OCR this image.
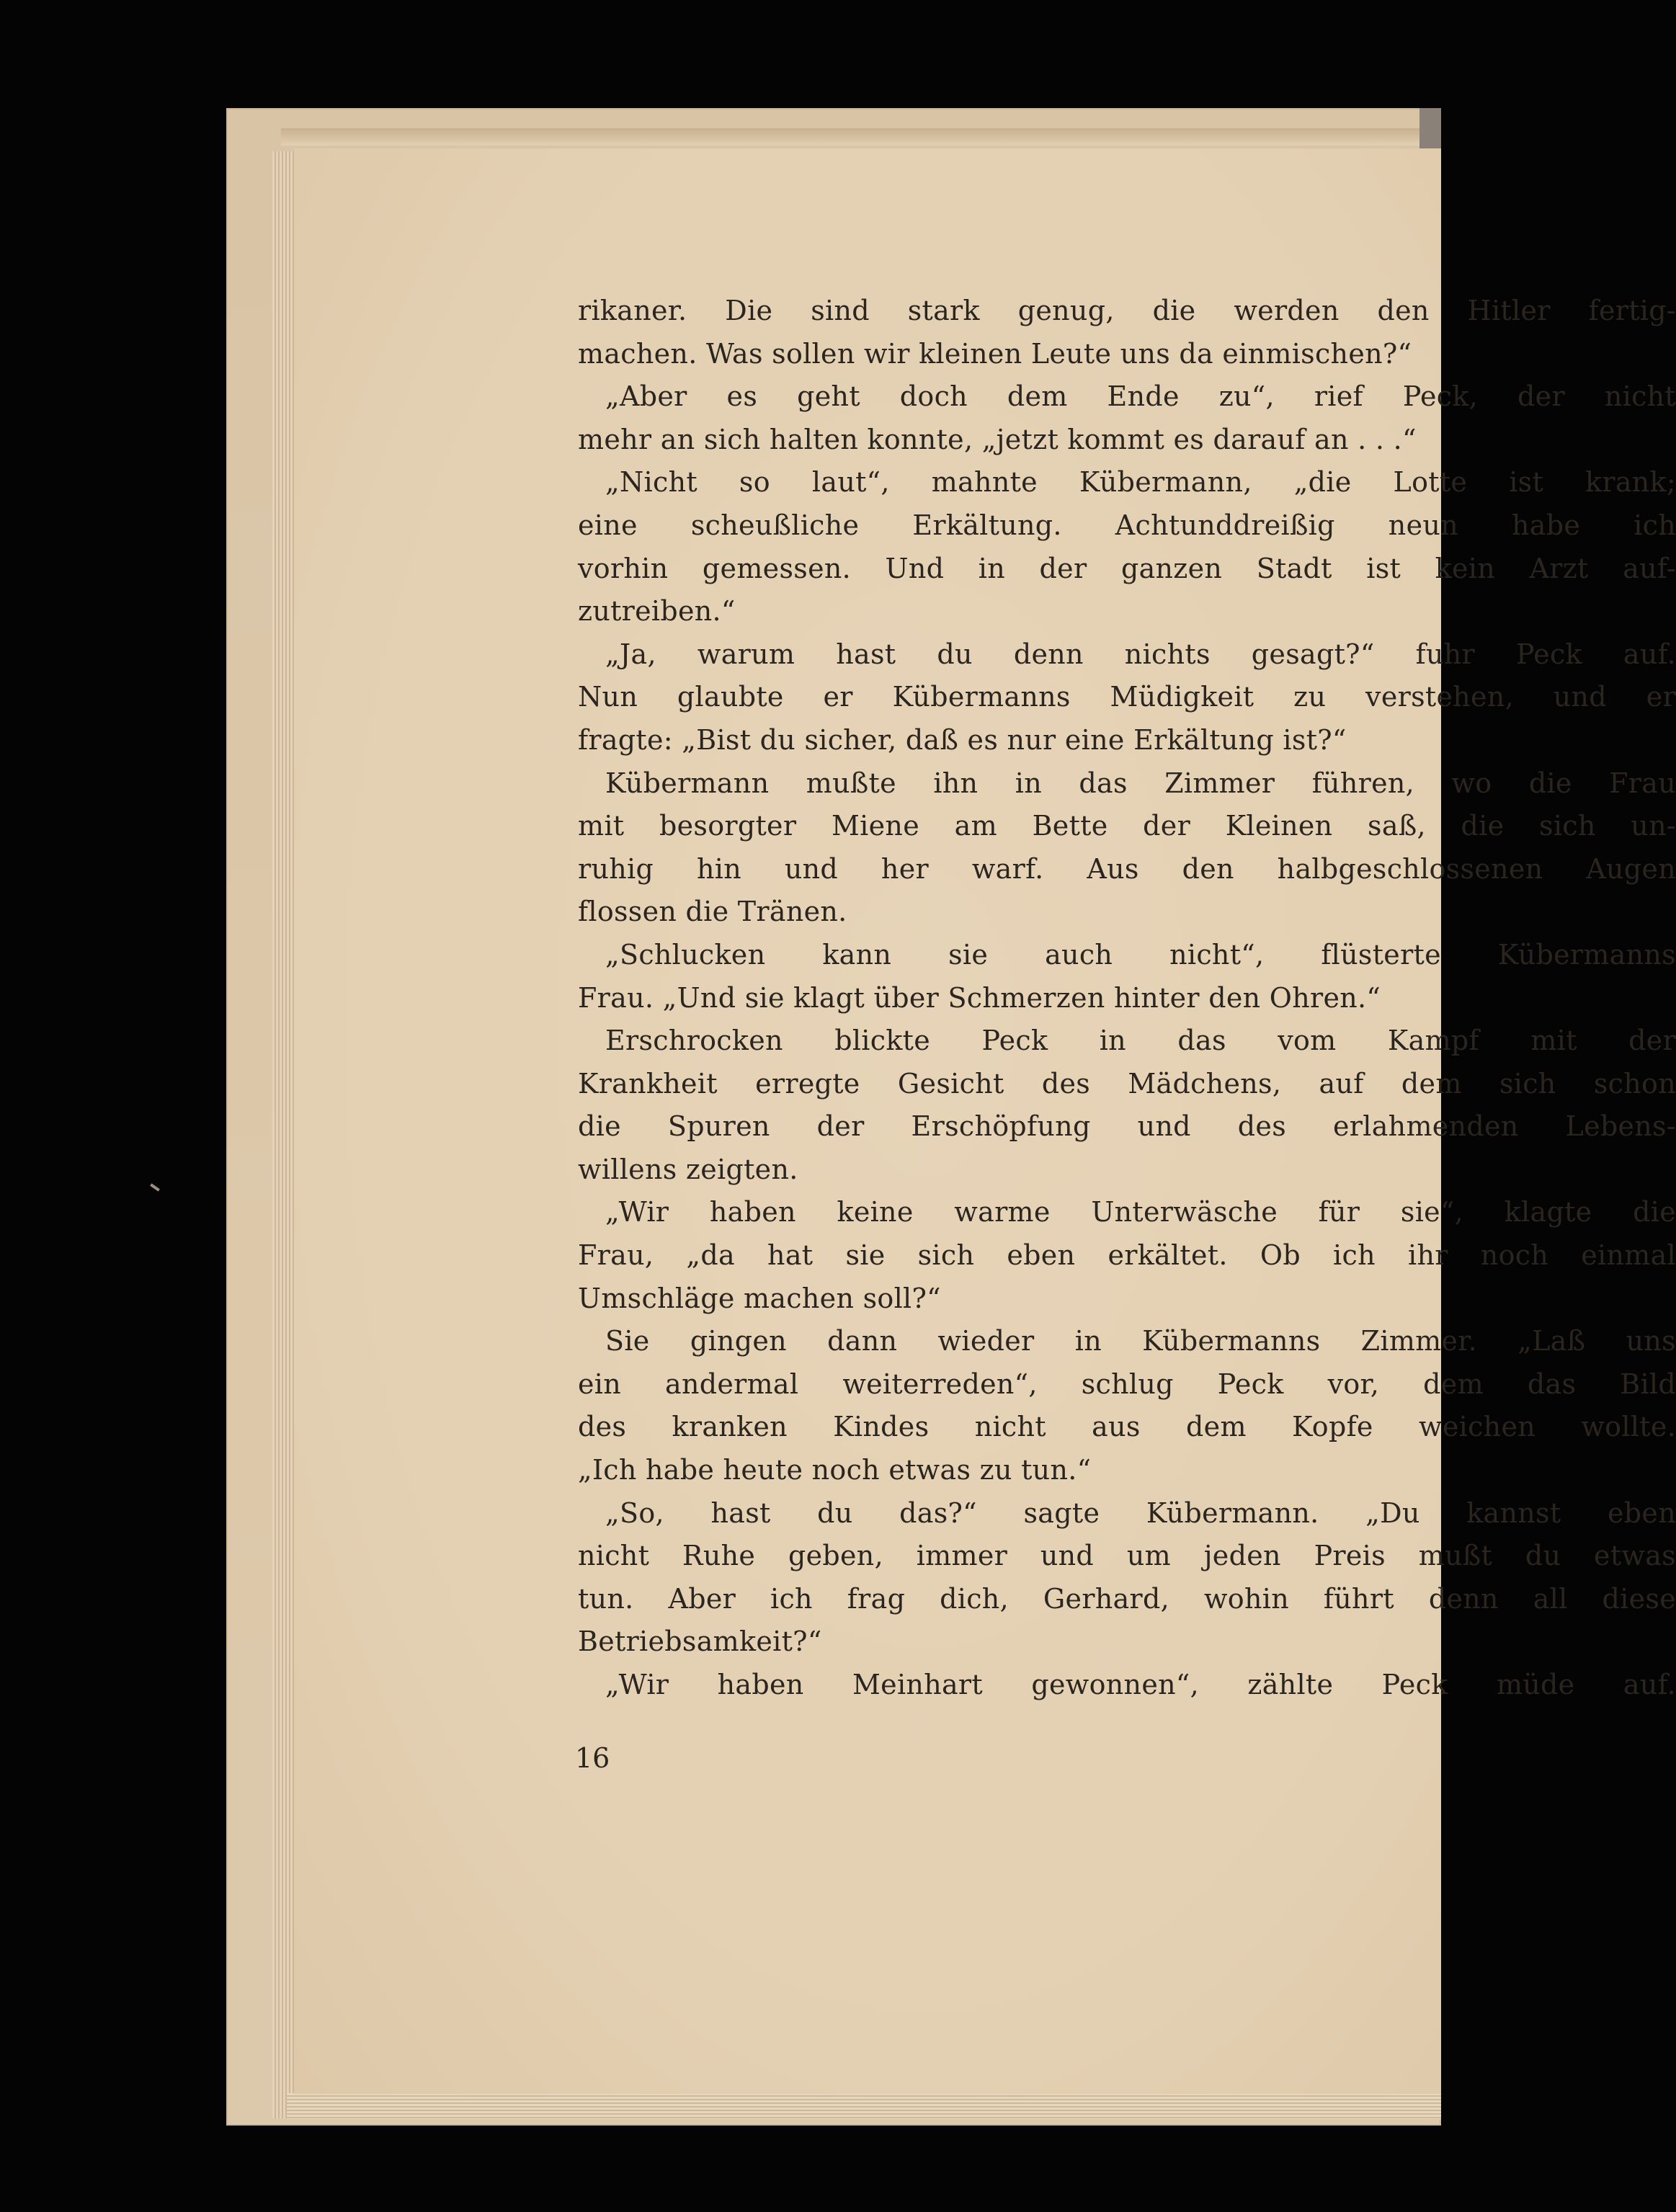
rikaner. Die sind stark genug, die werden den Hitler fertig-

machen. Was sollen wir kleinen Leute uns da einmischen?“

„Aber es geht doch dem Ende zu“, rief Peck, der nicht

mehr an sich halten konnte, „jetzt kommt es darauf an . . .“

„Nicht so laut“, mahnte Kübermann, „die Lotte ist krank;

eine scheußliche Erkältung. Achtunddreißig neun habe ich

vorhin gemessen. Und in der ganzen Stadt ist kein Arzt auf-

zutreiben.“

„Ja, warum hast du denn nichts gesagt?“ fuhr Peck auf.

Nun glaubte er Kübermanns Müdigkeit zu verstehen, und er

fragte: „Bist du sicher, daß es nur eine Erkältung ist?“

Kübermann mußte ihn in das Zimmer führen, wo die Frau

mit besorgter Miene am Bette der Kleinen saß, die sich un-

ruhig hin und her warf. Aus den halbgeschlossenen Augen

flossen die Tränen.

„Schlucken kann sie auch nicht“, flüsterte Kübermanns

Frau. „Und sie klagt über Schmerzen hinter den Ohren.“

Erschrocken blickte Peck in das vom Kampf mit der

Krankheit erregte Gesicht des Mädchens, auf dem sich schon

die Spuren der Erschöpfung und des erlahmenden Lebens-

willens zeigten.

„Wir haben keine warme Unterwäsche für sie“, klagte die

Frau, „da hat sie sich eben erkältet. Ob ich ihr noch einmal

Umschläge machen soll?“

Sie gingen dann wieder in Kübermanns Zimmer. „Laß uns

ein andermal weiterreden“, schlug Peck vor, dem das Bild

des kranken Kindes nicht aus dem Kopfe weichen wollte.

„Ich habe heute noch etwas zu tun.“

„So, hast du das?“ sagte Kübermann. „Du kannst eben

nicht Ruhe geben, immer und um jeden Preis mußt du etwas

tun. Aber ich frag dich, Gerhard, wohin führt denn all diese

Betriebsamkeit?“

„Wir haben Meinhart gewonnen“, zählte Peck müde auf.

16
